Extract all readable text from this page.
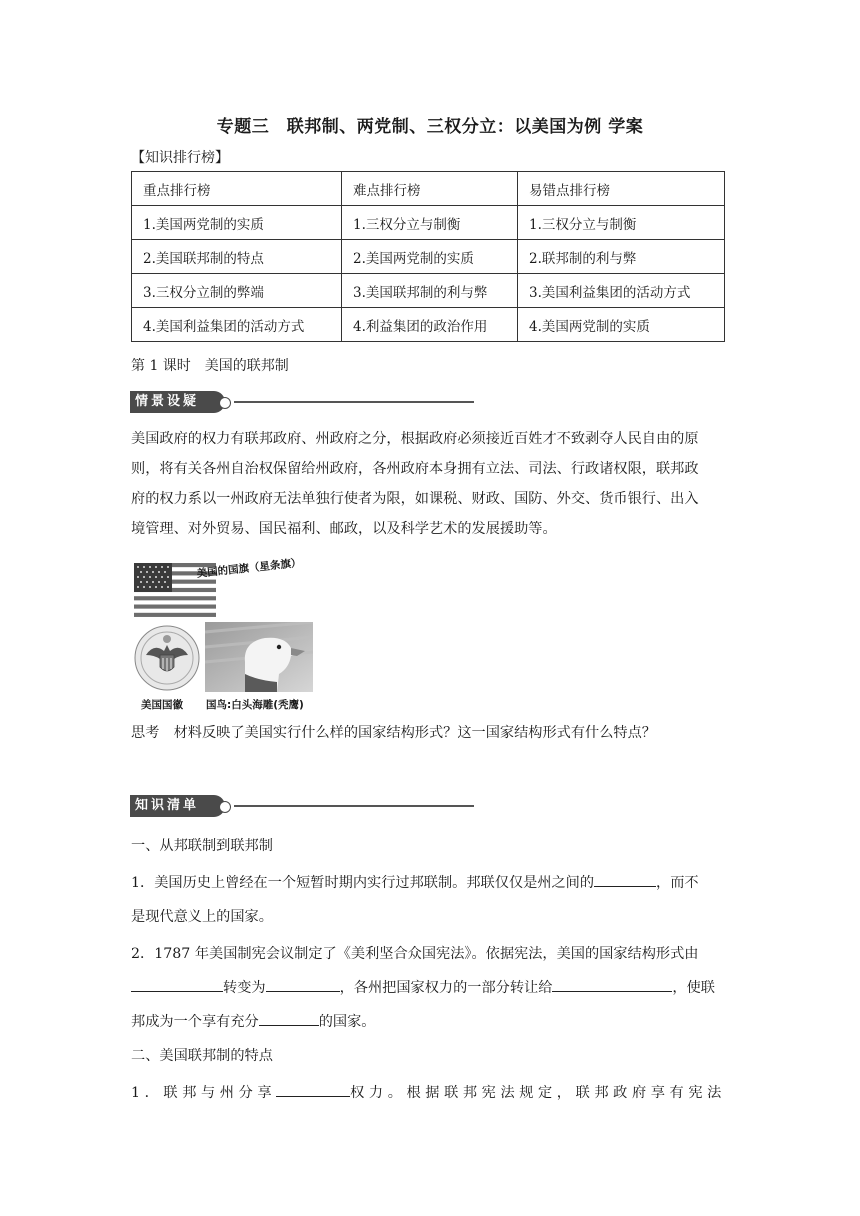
专题三　联邦制、两党制、三权分立：以美国为例 学案
【知识排行榜】
重点排行榜	难点排行榜	易错点排行榜
1.美国两党制的实质	1.三权分立与制衡	1.三权分立与制衡
2.美国联邦制的特点	2.美国两党制的实质	2.联邦制的利与弊
3.三权分立制的弊端	3.美国联邦制的利与弊	3.美国利益集团的活动方式
4.美国利益集团的活动方式	4.利益集团的政治作用	4.美国两党制的实质
第 1 课时　美国的联邦制
情景设疑
美国政府的权力有联邦政府、州政府之分，根据政府必须接近百姓才不致剥夺人民自由的原
则，将有关各州自治权保留给州政府，各州政府本身拥有立法、司法、行政诸权限，联邦政
府的权力系以一州政府无法单独行使者为限，如课税、财政、国防、外交、货币银行、出入
境管理、对外贸易、国民福利、邮政，以及科学艺术的发展援助等。
美国的国旗（星条旗）
美国国徽 国鸟:白头海雕(秃鹰)
思考　材料反映了美国实行什么样的国家结构形式？这一国家结构形式有什么特点？
知识清单
一、从邦联制到联邦制
1．美国历史上曾经在一个短暂时期内实行过邦联制。邦联仅仅是州之间的	，而不
是现代意义上的国家。
2．1787 年美国制宪会议制定了《美利坚合众国宪法》。依据宪法，美国的国家结构形式由
转变为	，各州把国家权力的一部分转让给	，使联
邦成为一个享有充分	的国家。
二、美国联邦制的特点
1．联邦与州分享	权力。根据联邦宪法规定，联邦政府享有宪法
